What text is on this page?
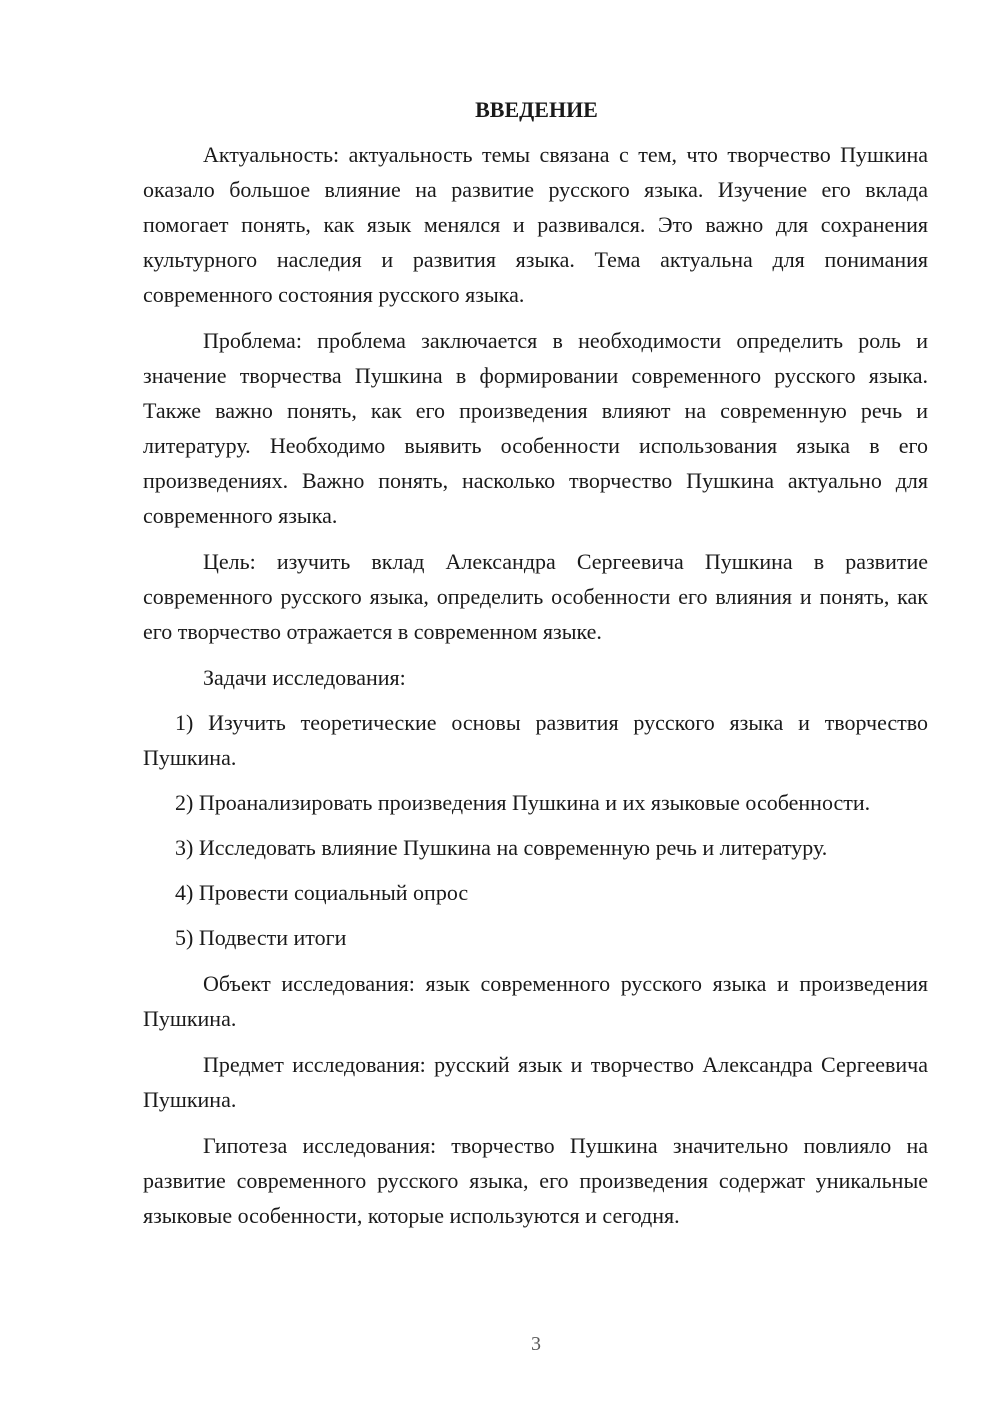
ВВЕДЕНИЕ

Актуальность: актуальность темы связана с тем, что творчество Пушкина оказало большое влияние на развитие русского языка. Изучение его вклада помогает понять, как язык менялся и развивался. Это важно для сохранения культурного наследия и развития языка. Тема актуальна для понимания современного состояния русского языка.

Проблема: проблема заключается в необходимости определить роль и значение творчества Пушкина в формировании современного русского языка. Также важно понять, как его произведения влияют на современную речь и литературу. Необходимо выявить особенности использования языка в его произведениях. Важно понять, насколько творчество Пушкина актуально для современного языка.

Цель: изучить вклад Александра Сергеевича Пушкина в развитие современного русского языка, определить особенности его влияния и понять, как его творчество отражается в современном языке.

Задачи исследования:

1) Изучить теоретические основы развития русского языка и творчество Пушкина.

2) Проанализировать произведения Пушкина и их языковые особенности.

3) Исследовать влияние Пушкина на современную речь и литературу.

4) Провести социальный опрос

5) Подвести итоги

Объект исследования: язык современного русского языка и произведения Пушкина.

Предмет исследования: русский язык и творчество Александра Сергеевича Пушкина.

Гипотеза исследования: творчество Пушкина значительно повлияло на развитие современного русского языка, его произведения содержат уникальные языковые особенности, которые используются и сегодня.

3
